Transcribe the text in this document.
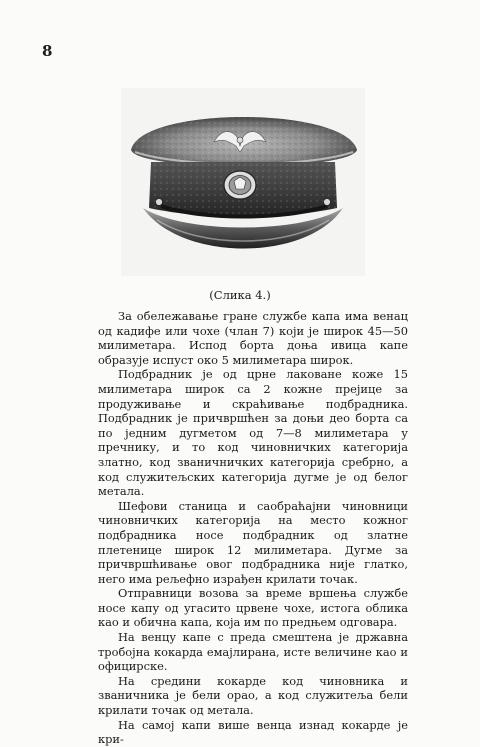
8
(Слика 4.)

За обележавање гране службе капа има венац од кадифе или чохе (члан 7) који је широк 45—50 милиметара. Испод борта доња ивица капе образује испуст око 5 милиметара широк.

Подбрадник је од црне лаковане коже 15 милиметара широк са 2 кожне прејице за продуживање и скраћивање подбрадника. Подбрадник је причвршћен за доњи део борта са по једним дугметом од 7—8 милиметара у пречнику, и то код чиновничких категорија златно, код званичничких категорија сребрно, а код служитељских категорија дугме је од белог метала.

Шефови станица и саобраћајни чиновници чиновничких категорија на место кожног подбрадника носе подбрадник од златне плетенице широк 12 милиметара. Дугме за причвршћивање овог подбрадника није глатко, него има рељефно израђен крилати точак.

Отправници возова за време вршења службе носе капу од угасито црвене чохе, истога облика као и обична капа, која им по предњем одговара.

На венцу капе с преда смештена је државна тробојна кокарда емајлирана, исте величине као и официрске.

На средини кокарде код чиновника и званичника је бели орао, а код служитеља бели крилати точак од метала.

На самој капи више венца изнад кокарде је кри-
